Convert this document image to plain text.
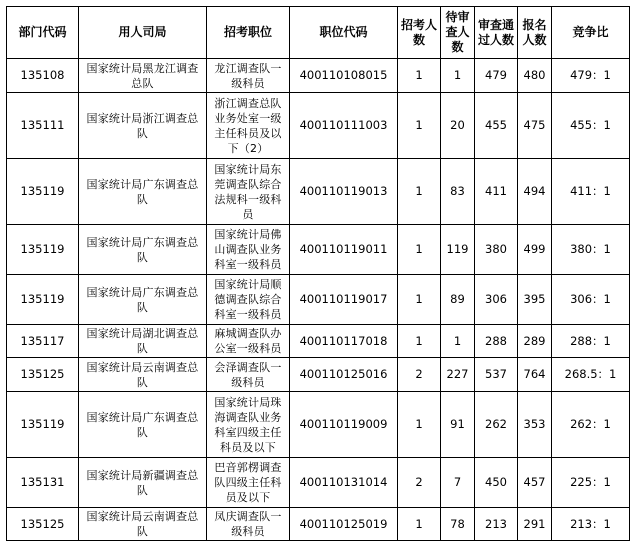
部门代码	用人司局	招考职位	职位代码	招考人数	待审查人数	审查通过人数	报名人数	竞争比
135108	国家统计局黑龙江调查总队	龙江调查队一级科员	400110108015	1	1	479	480	479：1
135111	国家统计局浙江调查总队	浙江调查总队业务处室一级主任科员及以下（2）	400110111003	1	20	455	475	455：1
135119	国家统计局广东调查总队	国家统计局东莞调查队综合法规科一级科员	400110119013	1	83	411	494	411：1
135119	国家统计局广东调查总队	国家统计局佛山调查队业务科室一级科员	400110119011	1	119	380	499	380：1
135119	国家统计局广东调查总队	国家统计局顺德调查队综合科室一级科员	400110119017	1	89	306	395	306：1
135117	国家统计局湖北调查总队	麻城调查队办公室一级科员	400110117018	1	1	288	289	288：1
135125	国家统计局云南调查总队	会泽调查队一级科员	400110125016	2	227	537	764	268.5：1
135119	国家统计局广东调查总队	国家统计局珠海调查队业务科室四级主任科员及以下	400110119009	1	91	262	353	262：1
135131	国家统计局新疆调查总队	巴音郭楞调查队四级主任科员及以下	400110131014	2	7	450	457	225：1
135125	国家统计局云南调查总队	凤庆调查队一级科员	400110125019	1	78	213	291	213：1
